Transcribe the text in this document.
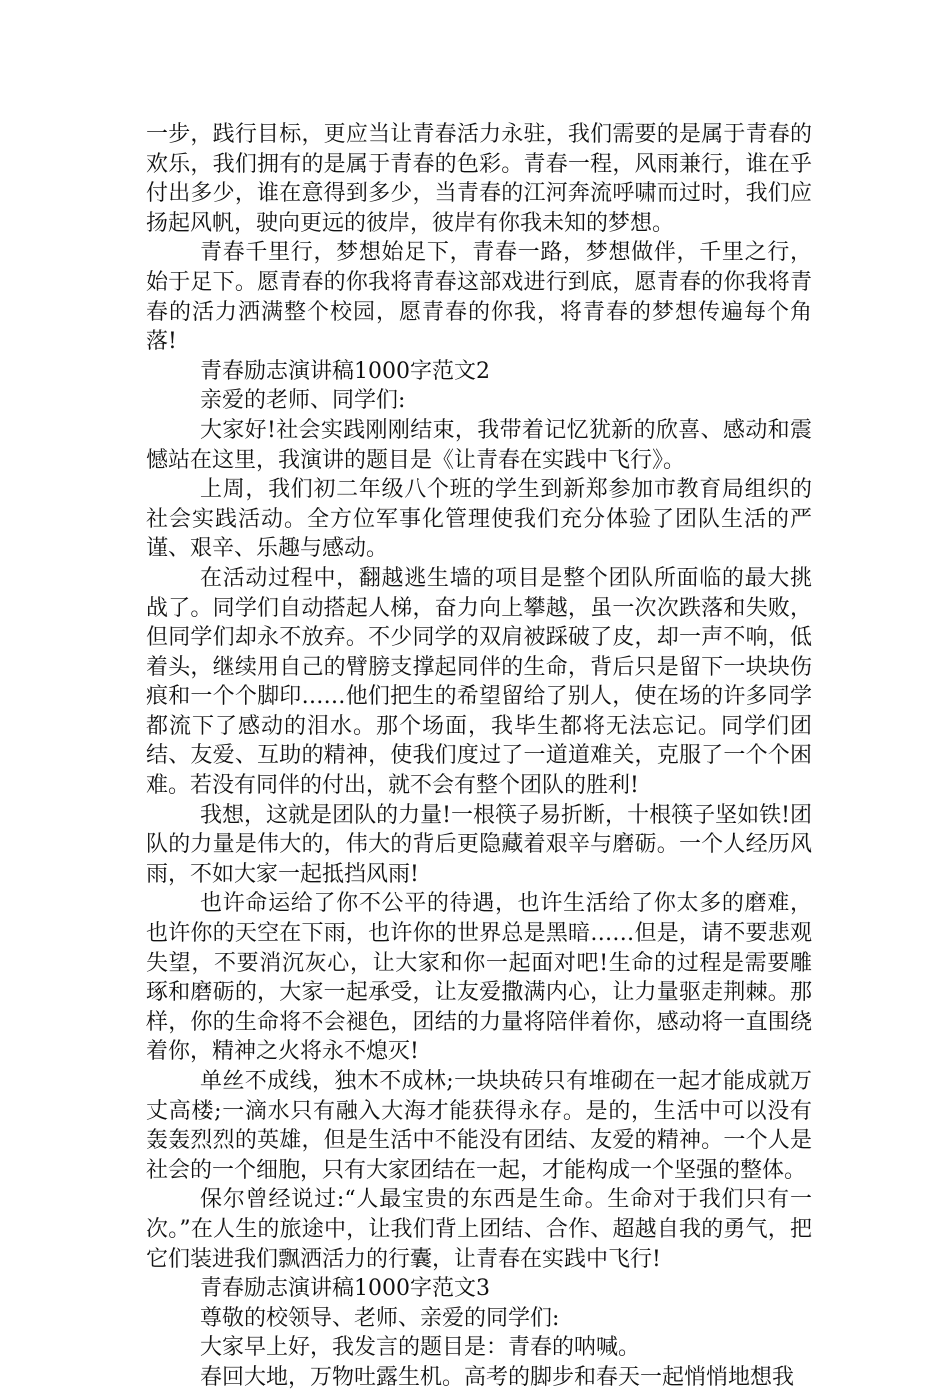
一步，践行目标，更应当让青春活力永驻，我们需要的是属于青春的欢乐，我们拥有的是属于青春的色彩。青春一程，风雨兼行，谁在乎付出多少，谁在意得到多少，当青春的江河奔流呼啸而过时，我们应扬起风帆，驶向更远的彼岸，彼岸有你我未知的梦想。

青春千里行，梦想始足下，青春一路，梦想做伴，千里之行，始于足下。愿青春的你我将青春这部戏进行到底，愿青春的你我将青春的活力洒满整个校园，愿青春的你我，将青春的梦想传遍每个角落!

青春励志演讲稿1000字范文2

亲爱的老师、同学们:

大家好!社会实践刚刚结束，我带着记忆犹新的欣喜、感动和震憾站在这里，我演讲的题目是《让青春在实践中飞行》。

上周，我们初二年级八个班的学生到新郑参加市教育局组织的社会实践活动。全方位军事化管理使我们充分体验了团队生活的严谨、艰辛、乐趣与感动。

在活动过程中，翻越逃生墙的项目是整个团队所面临的最大挑战了。同学们自动搭起人梯，奋力向上攀越，虽一次次跌落和失败，但同学们却永不放弃。不少同学的双肩被踩破了皮，却一声不响，低着头，继续用自己的臂膀支撑起同伴的生命，背后只是留下一块块伤痕和一个个脚印……他们把生的希望留给了别人，使在场的许多同学都流下了感动的泪水。那个场面，我毕生都将无法忘记。同学们团结、友爱、互助的精神，使我们度过了一道道难关，克服了一个个困难。若没有同伴的付出，就不会有整个团队的胜利!

我想，这就是团队的力量!一根筷子易折断，十根筷子坚如铁!团队的力量是伟大的，伟大的背后更隐藏着艰辛与磨砺。一个人经历风雨，不如大家一起抵挡风雨!

也许命运给了你不公平的待遇，也许生活给了你太多的磨难，也许你的天空在下雨，也许你的世界总是黑暗……但是，请不要悲观失望，不要消沉灰心，让大家和你一起面对吧!生命的过程是需要雕琢和磨砺的，大家一起承受，让友爱撒满内心，让力量驱走荆棘。那样，你的生命将不会褪色，团结的力量将陪伴着你，感动将一直围绕着你，精神之火将永不熄灭!

单丝不成线，独木不成林;一块块砖只有堆砌在一起才能成就万丈高楼;一滴水只有融入大海才能获得永存。是的，生活中可以没有轰轰烈烈的英雄，但是生活中不能没有团结、友爱的精神。一个人是社会的一个细胞，只有大家团结在一起，才能构成一个坚强的整体。

保尔曾经说过:“人最宝贵的东西是生命。生命对于我们只有一次。”在人生的旅途中，让我们背上团结、合作、超越自我的勇气，把它们装进我们飘洒活力的行囊，让青春在实践中飞行!

青春励志演讲稿1000字范文3

尊敬的校领导、老师、亲爱的同学们:

大家早上好，我发言的题目是：青春的呐喊。

春回大地，万物吐露生机。高考的脚步和春天一起悄悄地想我
